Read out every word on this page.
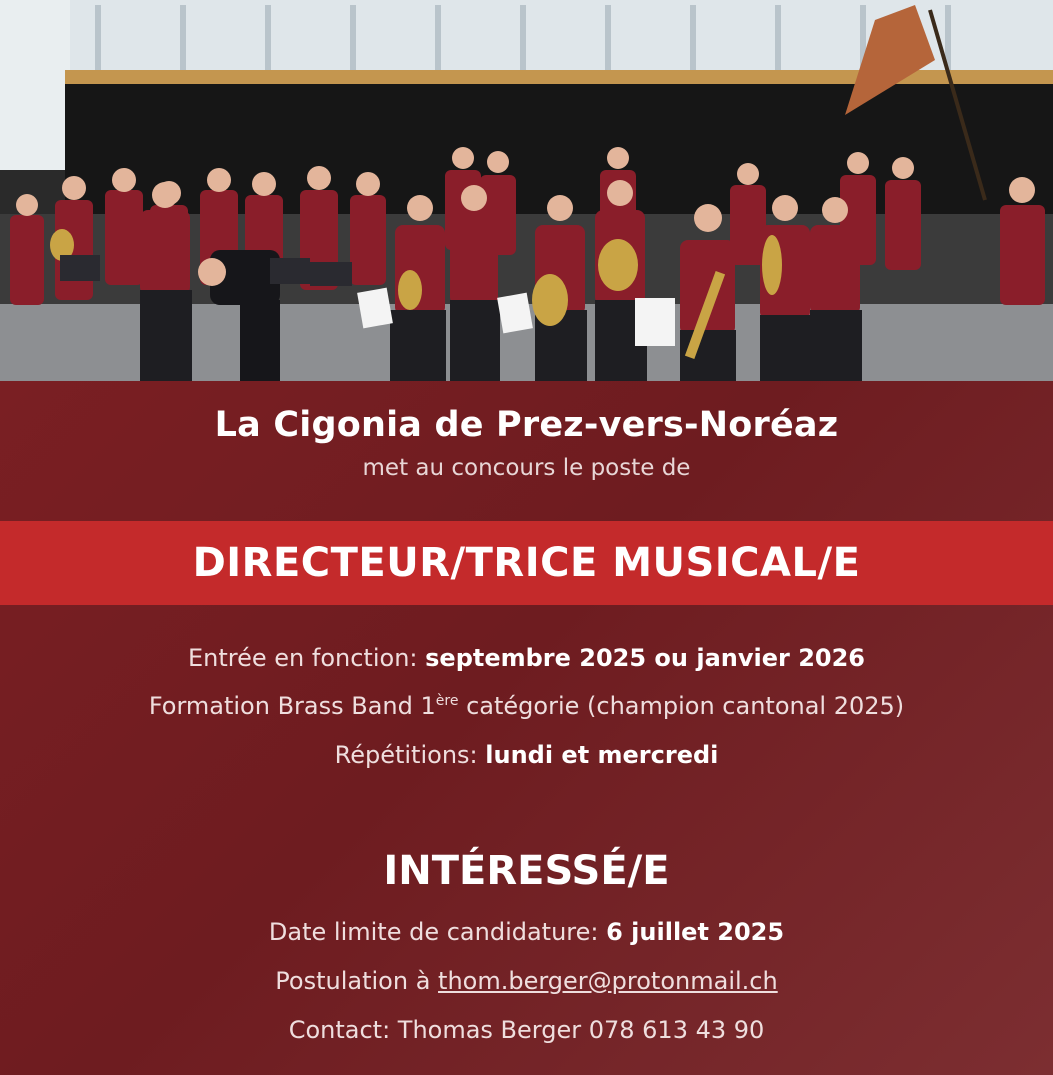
La Cigonia de Prez-vers-Noréaz
met au concours le poste de
DIRECTEUR/TRICE MUSICAL/E
Entrée en fonction: septembre 2025 ou janvier 2026
Formation Brass Band 1ère catégorie (champion cantonal 2025)
Répétitions: lundi et mercredi
INTÉRESSÉ/E
Date limite de candidature: 6 juillet 2025
Postulation à thom.berger@protonmail.ch
Contact: Thomas Berger 078 613 43 90
